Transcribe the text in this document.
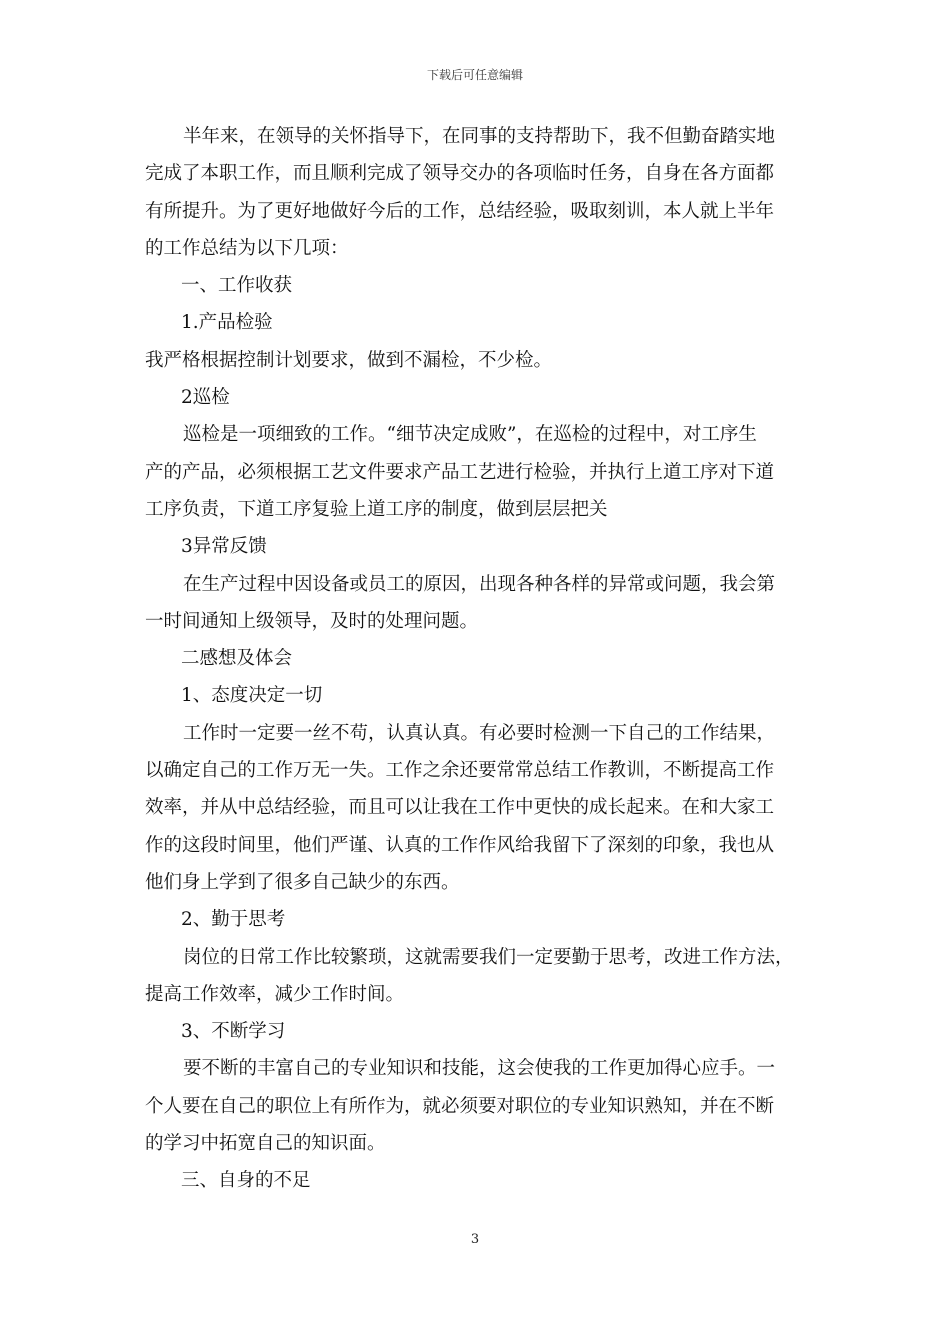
下载后可任意编辑
半年来，在领导的关怀指导下，在同事的支持帮助下，我不但勤奋踏实地
完成了本职工作，而且顺利完成了领导交办的各项临时任务，自身在各方面都
有所提升。为了更好地做好今后的工作，总结经验，吸取刻训，本人就上半年
的工作总结为以下几项：
一、工作收获
1.产品检验
我严格根据控制计划要求，做到不漏检，不少检。
2巡检
巡检是一项细致的工作。“细节决定成败”，在巡检的过程中，对工序生
产的产品，必须根据工艺文件要求产品工艺进行检验，并执行上道工序对下道
工序负责，下道工序复验上道工序的制度，做到层层把关
3异常反馈
在生产过程中因设备或员工的原因，出现各种各样的异常或问题，我会第
一时间通知上级领导，及时的处理问题。
二感想及体会
1、态度决定一切
工作时一定要一丝不苟，认真认真。有必要时检测一下自己的工作结果，
以确定自己的工作万无一失。工作之余还要常常总结工作教训，不断提高工作
效率，并从中总结经验，而且可以让我在工作中更快的成长起来。在和大家工
作的这段时间里，他们严谨、认真的工作作风给我留下了深刻的印象，我也从
他们身上学到了很多自己缺少的东西。
2、勤于思考
岗位的日常工作比较繁琐，这就需要我们一定要勤于思考，改进工作方法，
提高工作效率，减少工作时间。
3、不断学习
要不断的丰富自己的专业知识和技能，这会使我的工作更加得心应手。一
个人要在自己的职位上有所作为，就必须要对职位的专业知识熟知，并在不断
的学习中拓宽自己的知识面。
三、自身的不足
3
